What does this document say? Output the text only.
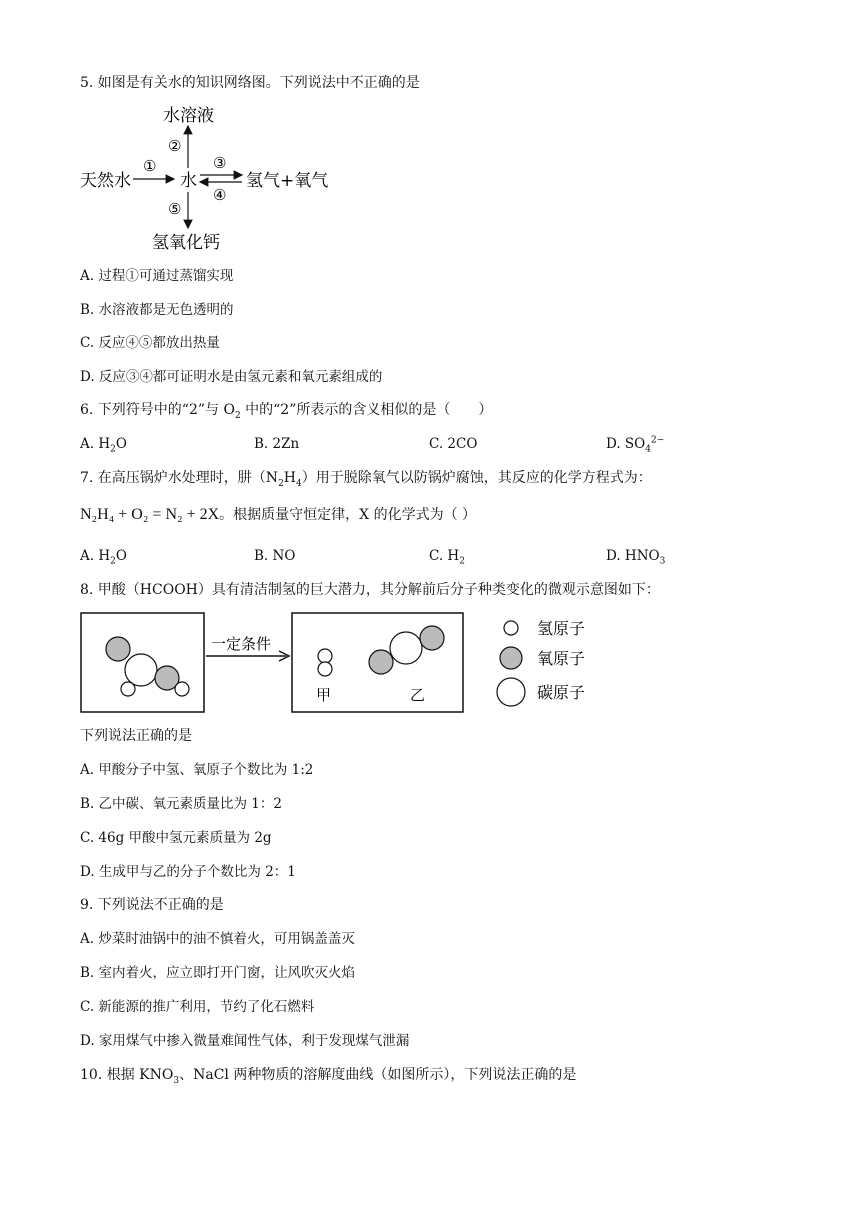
5. 如图是有关水的知识网络图。下列说法中不正确的是
水溶液
天然水	水	氢气+氧气
氢氧化钙
①
②
③
④
⑤
A. 过程①可通过蒸馏实现
B. 水溶液都是无色透明的
C. 反应④⑤都放出热量
D. 反应③④都可证明水是由氢元素和氧元素组成的
6. 下列符号中的“2”与 $O_2$ 中的“2”所表示的含义相似的是（　　）
A. $H_2O$	B. 2Zn	C. 2CO	D. $SO_4^{2-}$
7. 在高压锅炉水处理时，肼$(N_2H_4)$用于脱除氧气以防锅炉腐蚀，其反应的化学方程式为：
N₂H₄ + O₂ = N₂ + 2X。根据质量守恒定律，X 的化学式为（ ）
A. $H_2O$	B. NO	C. $H_2$	D. $HNO_3$
8. 甲酸（HCOOH）具有清洁制氢的巨大潜力，其分解前后分子种类变化的微观示意图如下：
一定条件
甲	乙
氢原子
氧原子
碳原子
下列说法正确的是
A. 甲酸分子中氢、氧原子个数比为 1:2
B. 乙中碳、氧元素质量比为 1：2
C. 46g 甲酸中氢元素质量为 2g
D. 生成甲与乙的分子个数比为 2：1
9. 下列说法不正确的是
A. 炒菜时油锅中的油不慎着火，可用锅盖盖灭
B. 室内着火，应立即打开门窗，让风吹灭火焰
C. 新能源的推广利用，节约了化石燃料
D. 家用煤气中掺入微量难闻性气体，利于发现煤气泄漏
10. 根据 $KNO_3$、NaCl 两种物质的溶解度曲线（如图所示），下列说法正确的是
